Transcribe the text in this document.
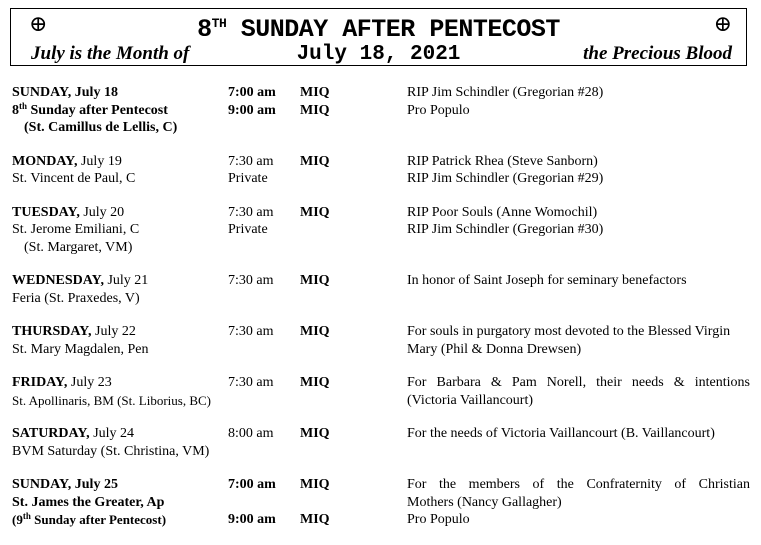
⊕	8TH SUNDAY AFTER PENTECOST	⊕
July is the Month of	July 18, 2021	the Precious Blood
SUNDAY, July 18	7:00 am MIQ	RIP Jim Schindler (Gregorian #28)
8th Sunday after Pentecost	9:00 am MIQ	Pro Populo
(St. Camillus de Lellis, C)
MONDAY, July 19	7:30 am MIQ	RIP Patrick Rhea (Steve Sanborn)
St. Vincent de Paul, C	Private	RIP Jim Schindler (Gregorian #29)
TUESDAY, July 20	7:30 am MIQ	RIP Poor Souls (Anne Womochil)
St. Jerome Emiliani, C	Private	RIP Jim Schindler (Gregorian #30)
(St. Margaret, VM)
WEDNESDAY, July 21	7:30 am MIQ	In honor of Saint Joseph for seminary benefactors
Feria (St. Praxedes, V)
THURSDAY, July 22	7:30 am MIQ	For souls in purgatory most devoted to the Blessed Virgin
St. Mary Magdalen, Pen	Mary (Phil & Donna Drewsen)
FRIDAY, July 23	7:30 am MIQ	For Barbara & Pam Norell, their needs & intentions
St. Apollinaris, BM (St. Liborius, BC)	(Victoria Vaillancourt)
SATURDAY, July 24	8:00 am MIQ	For the needs of Victoria Vaillancourt (B. Vaillancourt)
BVM Saturday (St. Christina, VM)
SUNDAY, July 25	7:00 am MIQ	For the members of the Confraternity of Christian
St. James the Greater, Ap	Mothers (Nancy Gallagher)
(9th Sunday after Pentecost)	9:00 am MIQ	Pro Populo
